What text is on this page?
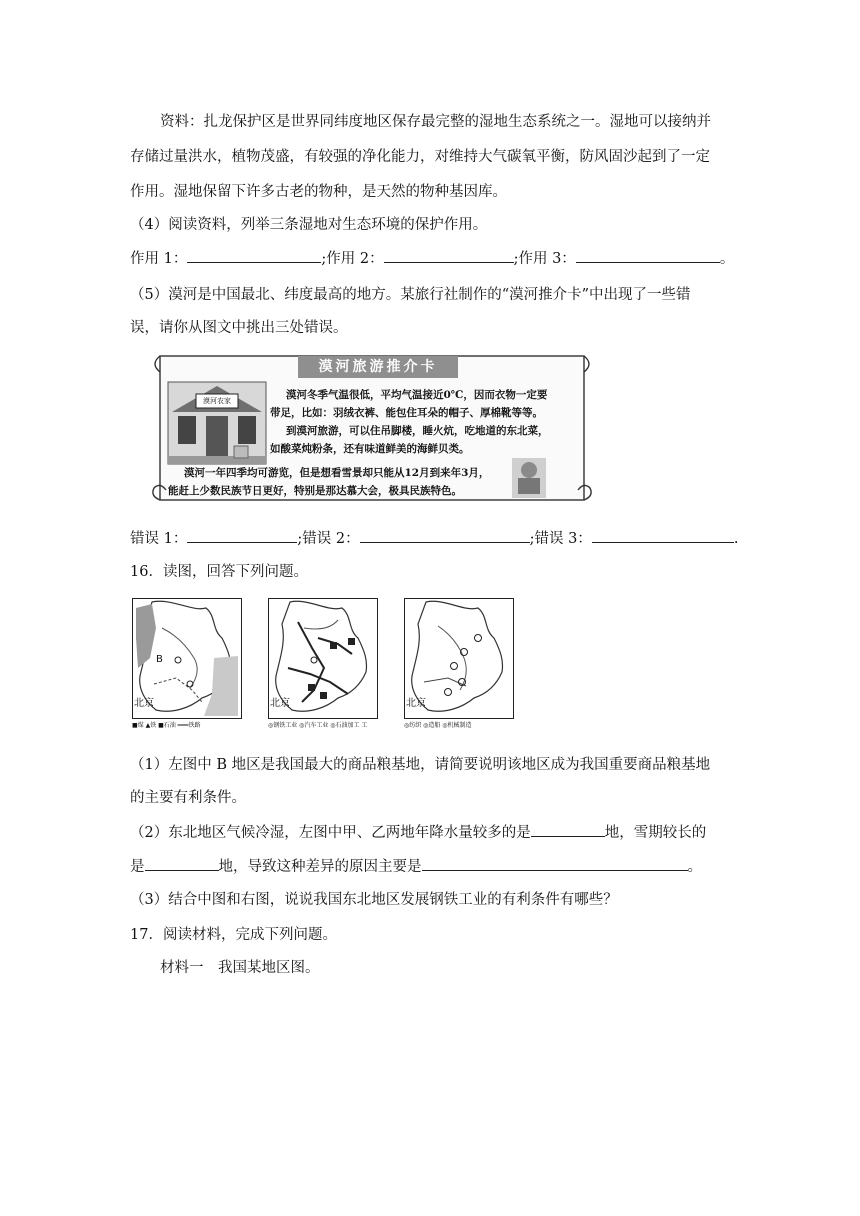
资料：扎龙保护区是世界同纬度地区保存最完整的湿地生态系统之一。湿地可以接纳并
存储过量洪水，植物茂盛，有较强的净化能力，对维持大气碳氧平衡，防风固沙起到了一定
作用。湿地保留下许多古老的物种，是天然的物种基因库。
（4）阅读资料，列举三条湿地对生态环境的保护作用。
作用 1：	;作用 2：	;作用 3：	。
（5）漠河是中国最北、纬度最高的地方。某旅行社制作的“漠河推介卡”中出现了一些错
误，请你从图文中挑出三处错误。
漠河旅游推介卡
漠河农家	漠河冬季气温很低，平均气温接近0℃，因而衣物一定要
带足，比如：羽绒衣裤、能包住耳朵的帽子、厚棉靴等等。
到漠河旅游，可以住吊脚楼，睡火炕，吃地道的东北菜，
如酸菜炖粉条，还有味道鲜美的海鲜贝类。
漠河一年四季均可游览，但是想看雪景却只能从12月到来年3月，
能赶上少数民族节日更好，特别是那达慕大会，极具民族特色。
错误 1：	;错误 2：	;错误 3：	.
16．读图，回答下列问题。
B
北京
■煤 ▲铁 ■石油 ═══铁路
北京
◎钢铁工业 ◎汽车工业 ◎石油加工 工
北京
◎纺织 ◎造船 ◎机械制造
（1）左图中 B 地区是我国最大的商品粮基地，请简要说明该地区成为我国重要商品粮基地
的主要有利条件。
（2）东北地区气候冷湿，左图中甲、乙两地年降水量较多的是	地，雪期较长的
是	地，导致这种差异的原因主要是	。
（3）结合中图和右图，说说我国东北地区发展钢铁工业的有利条件有哪些？
17．阅读材料，完成下列问题。
材料一　我国某地区图。
